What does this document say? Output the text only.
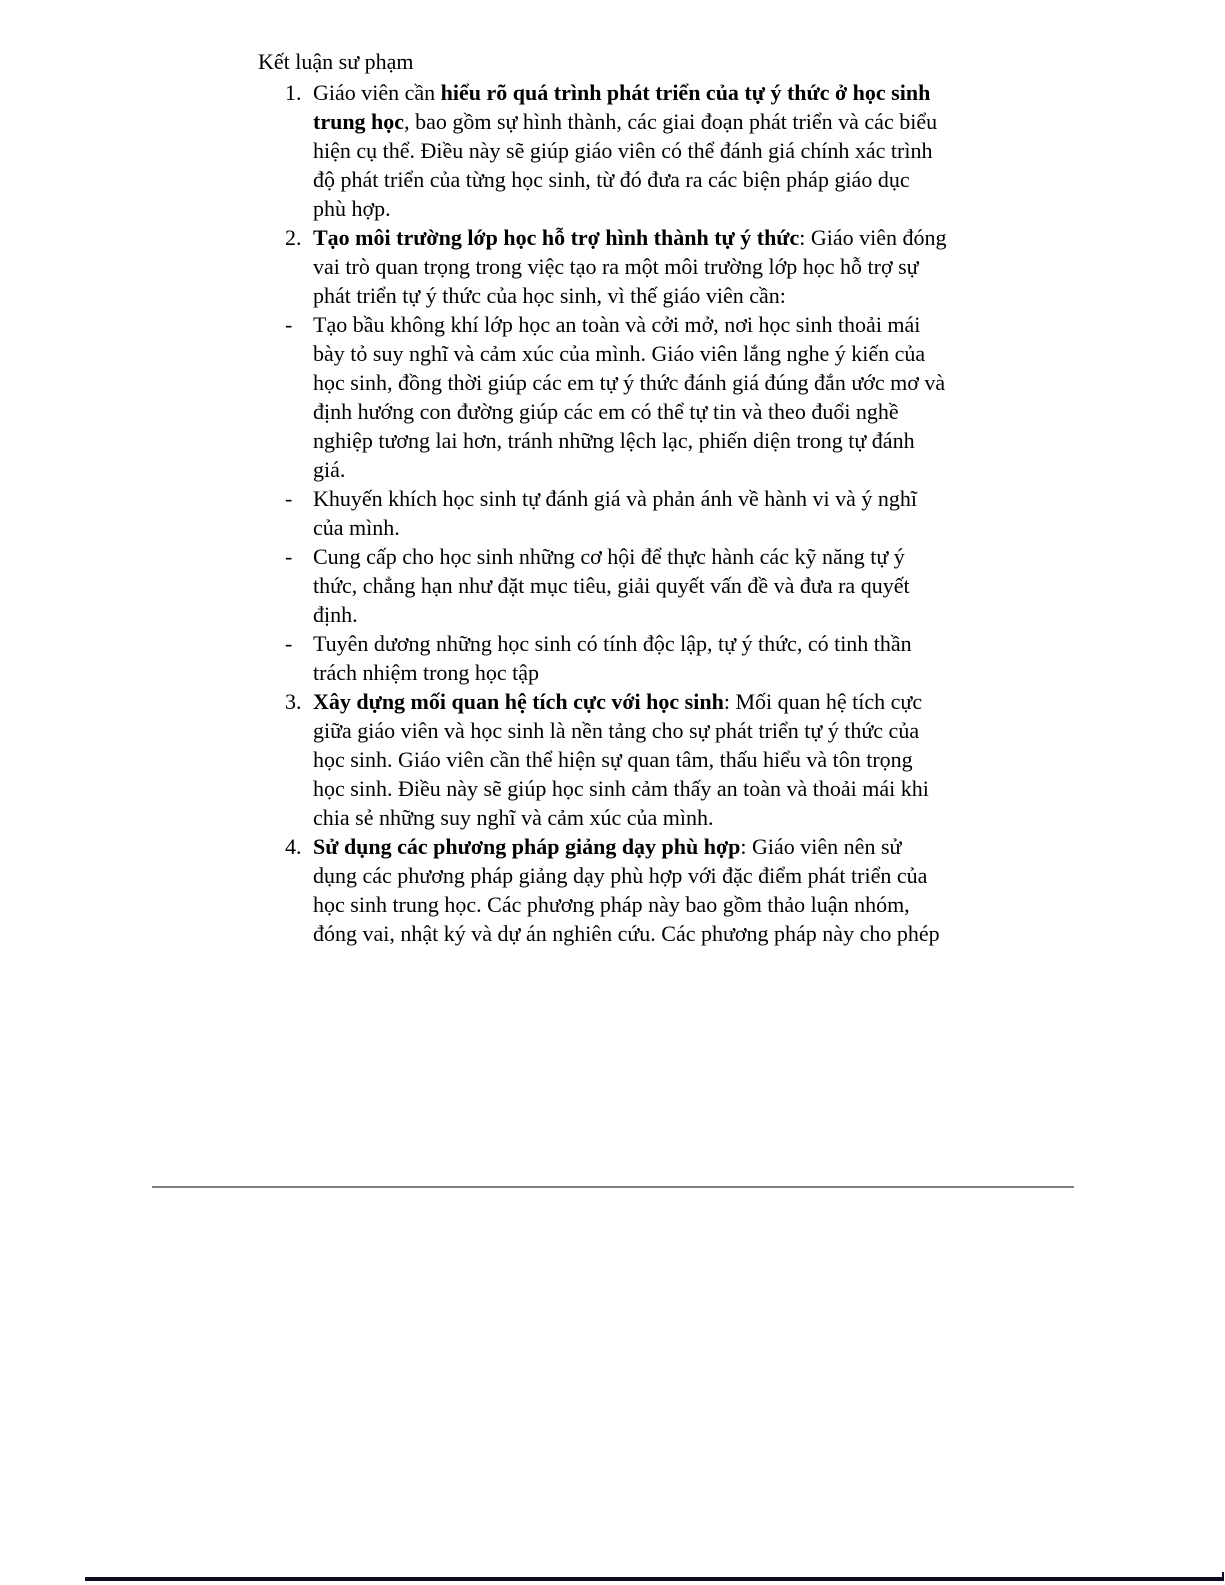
Kết luận sư phạm
1. Giáo viên cần hiểu rõ quá trình phát triển của tự ý thức ở học sinh
trung học, bao gồm sự hình thành, các giai đoạn phát triển và các biểu
hiện cụ thể. Điều này sẽ giúp giáo viên có thể đánh giá chính xác trình
độ phát triển của từng học sinh, từ đó đưa ra các biện pháp giáo dục
phù hợp.
2. Tạo môi trường lớp học hỗ trợ hình thành tự ý thức: Giáo viên đóng
vai trò quan trọng trong việc tạo ra một môi trường lớp học hỗ trợ sự
phát triển tự ý thức của học sinh, vì thế giáo viên cần:
- Tạo bầu không khí lớp học an toàn và cởi mở, nơi học sinh thoải mái
bày tỏ suy nghĩ và cảm xúc của mình. Giáo viên lắng nghe ý kiến của
học sinh, đồng thời giúp các em tự ý thức đánh giá đúng đắn ước mơ và
định hướng con đường giúp các em có thể tự tin và theo đuổi nghề
nghiệp tương lai hơn, tránh những lệch lạc, phiến diện trong tự đánh
giá.
- Khuyến khích học sinh tự đánh giá và phản ánh về hành vi và ý nghĩ
của mình.
- Cung cấp cho học sinh những cơ hội để thực hành các kỹ năng tự ý
thức, chẳng hạn như đặt mục tiêu, giải quyết vấn đề và đưa ra quyết
định.
- Tuyên dương những học sinh có tính độc lập, tự ý thức, có tinh thần
trách nhiệm trong học tập
3. Xây dựng mối quan hệ tích cực với học sinh: Mối quan hệ tích cực
giữa giáo viên và học sinh là nền tảng cho sự phát triển tự ý thức của
học sinh. Giáo viên cần thể hiện sự quan tâm, thấu hiểu và tôn trọng
học sinh. Điều này sẽ giúp học sinh cảm thấy an toàn và thoải mái khi
chia sẻ những suy nghĩ và cảm xúc của mình.
4. Sử dụng các phương pháp giảng dạy phù hợp: Giáo viên nên sử
dụng các phương pháp giảng dạy phù hợp với đặc điểm phát triển của
học sinh trung học. Các phương pháp này bao gồm thảo luận nhóm,
đóng vai, nhật ký và dự án nghiên cứu. Các phương pháp này cho phép
